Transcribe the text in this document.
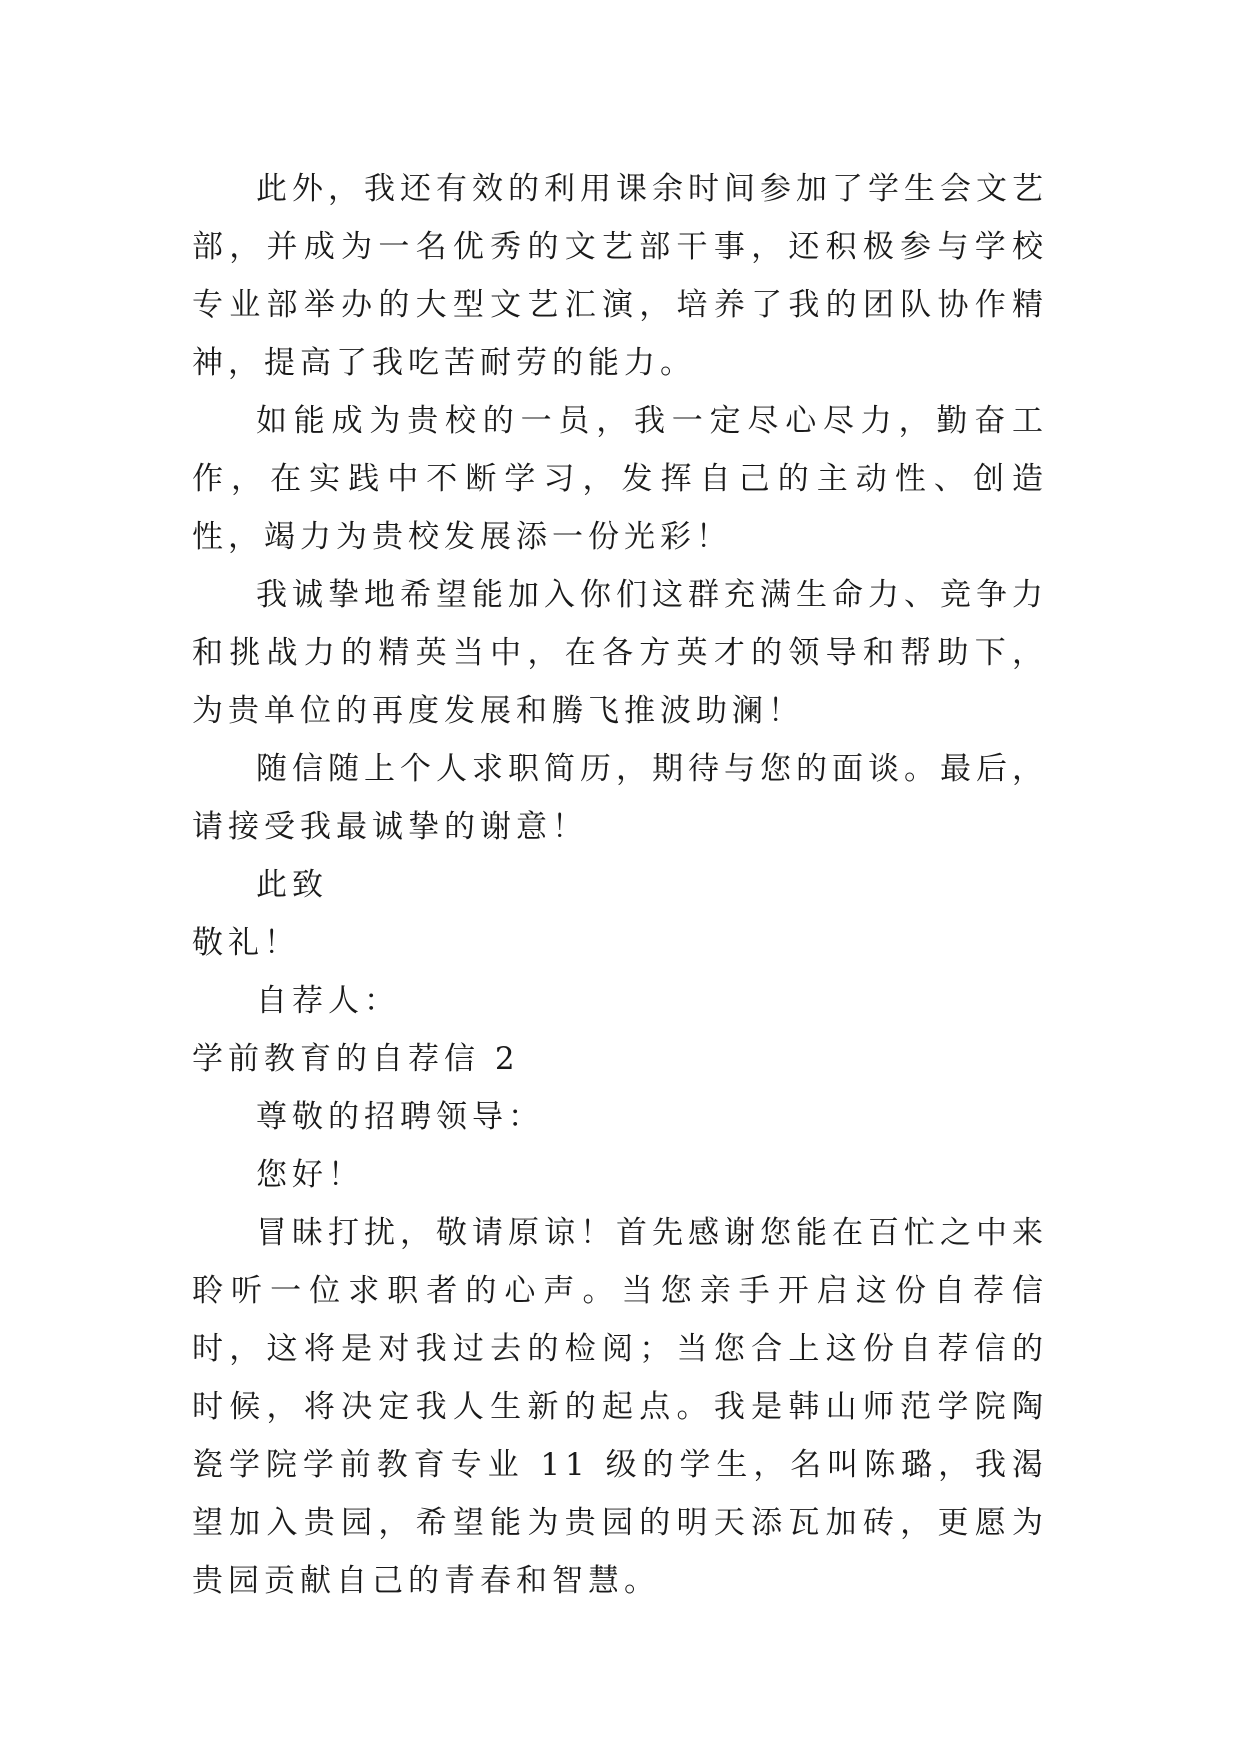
此外，我还有效的利用课余时间参加了学生会文艺部，并成为一名优秀的文艺部干事，还积极参与学校专业部举办的大型文艺汇演，培养了我的团队协作精神，提高了我吃苦耐劳的能力。

如能成为贵校的一员，我一定尽心尽力，勤奋工作，在实践中不断学习，发挥自己的主动性、创造性，竭力为贵校发展添一份光彩！

我诚挚地希望能加入你们这群充满生命力、竞争力和挑战力的精英当中，在各方英才的领导和帮助下，为贵单位的再度发展和腾飞推波助澜！

随信随上个人求职简历，期待与您的面谈。最后，请接受我最诚挚的谢意！

此致

敬礼！

自荐人：

学前教育的自荐信 2

尊敬的招聘领导：

您好！

冒昧打扰，敬请原谅！首先感谢您能在百忙之中来聆听一位求职者的心声。当您亲手开启这份自荐信时，这将是对我过去的检阅；当您合上这份自荐信的时候，将决定我人生新的起点。我是韩山师范学院陶瓷学院学前教育专业 11 级的学生，名叫陈璐，我渴望加入贵园，希望能为贵园的明天添瓦加砖，更愿为贵园贡献自己的青春和智慧。
